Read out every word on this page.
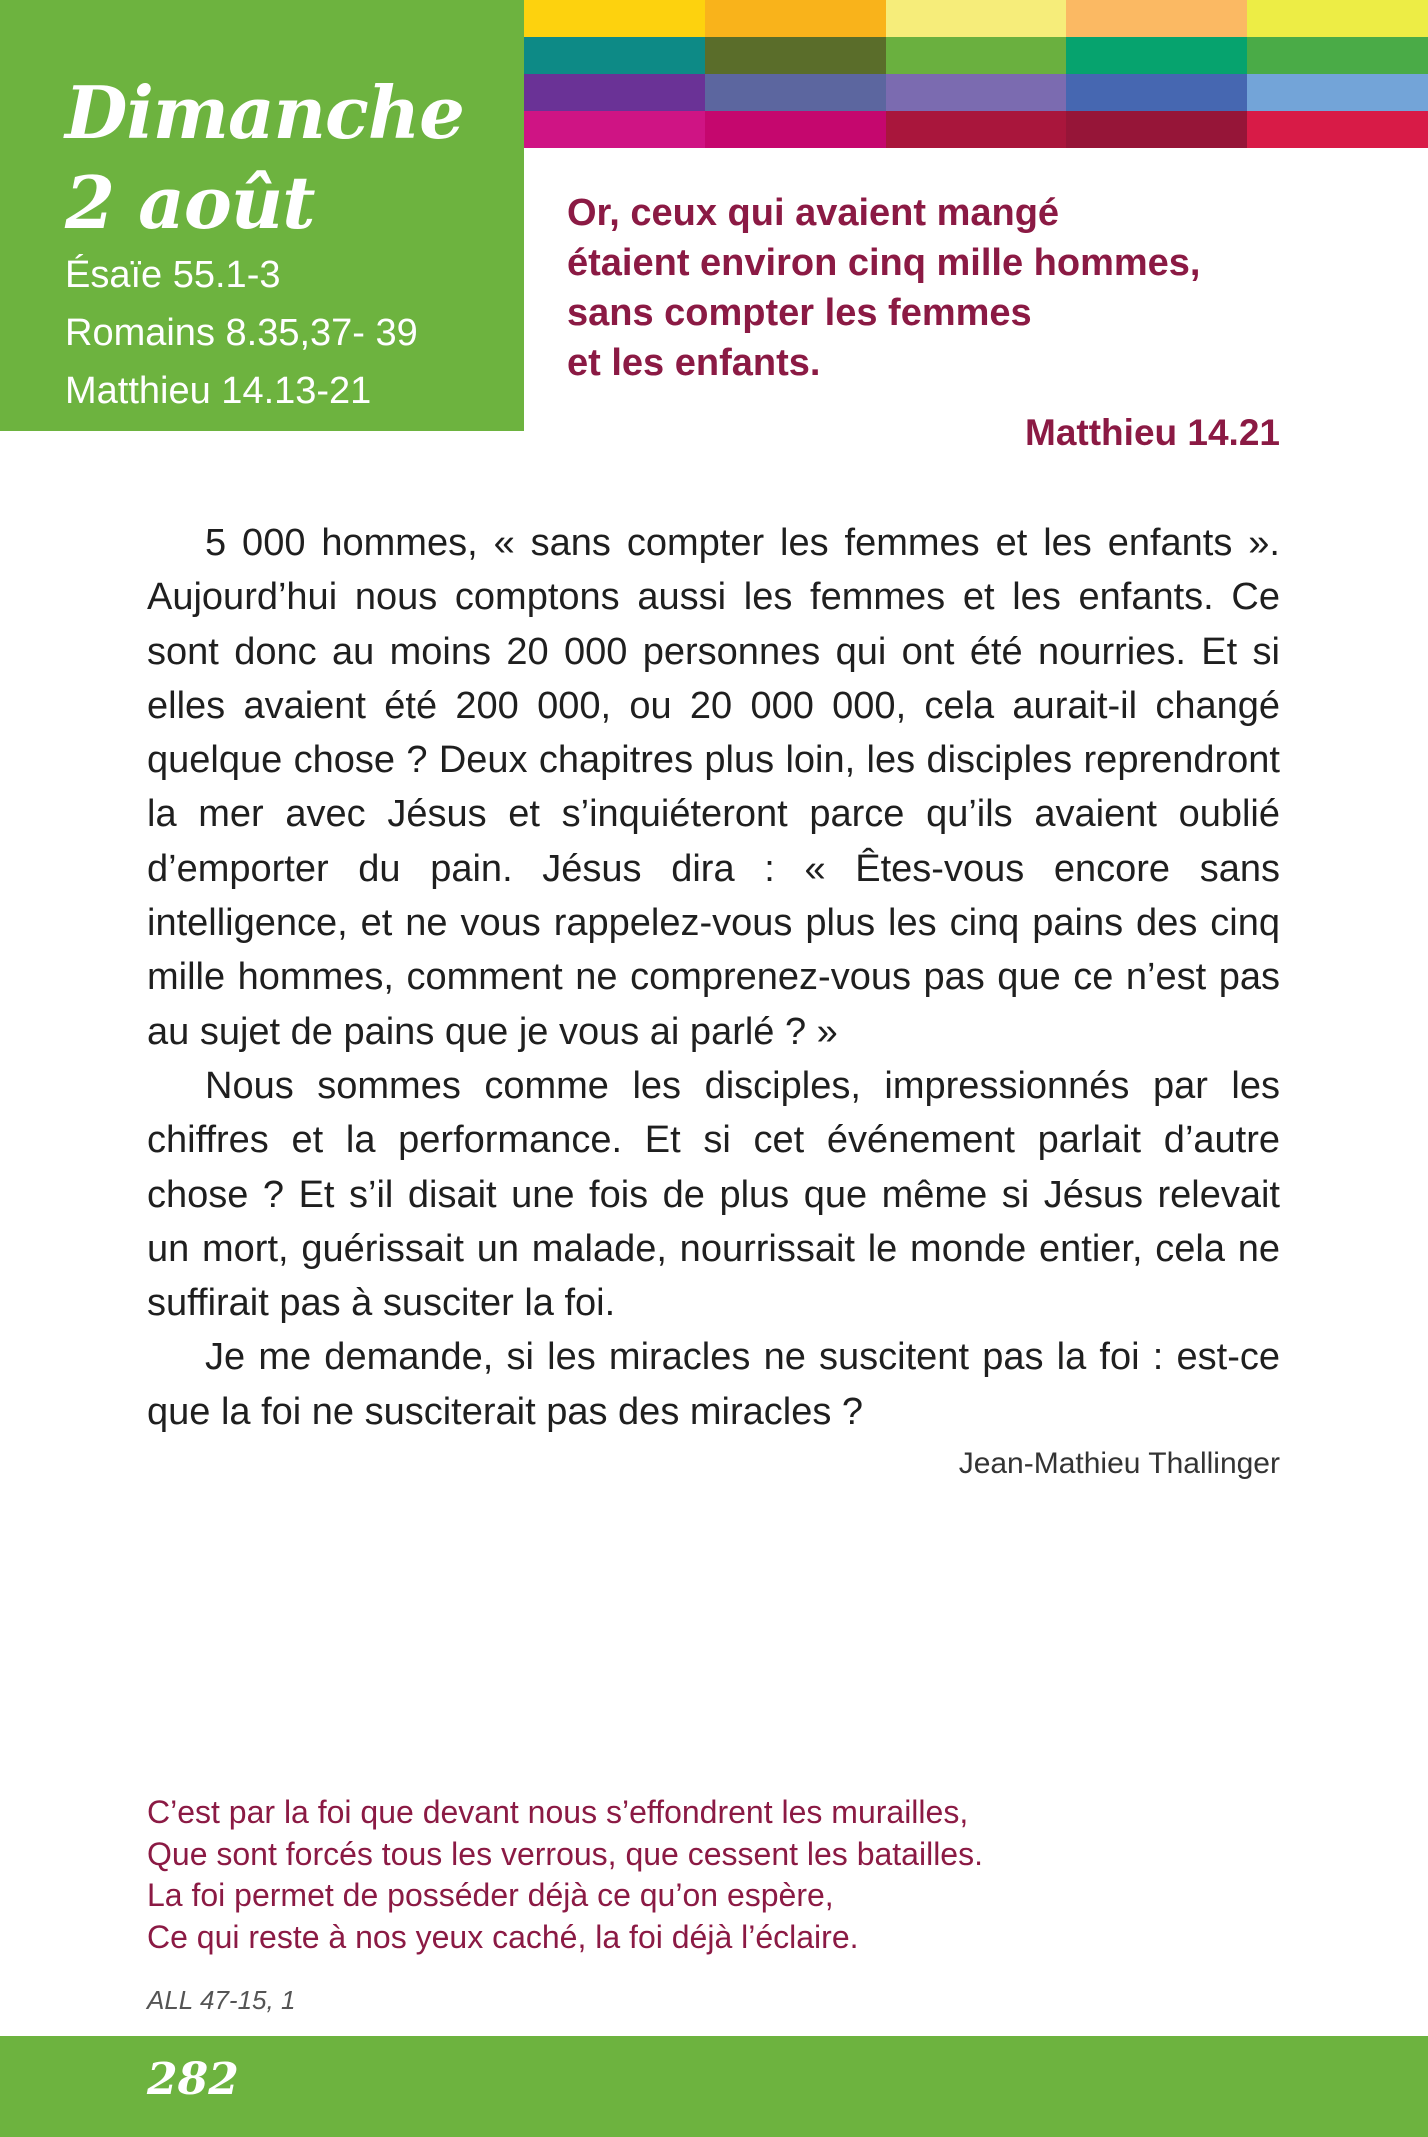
Dimanche
2 août
Ésaïe 55.1-3
Romains 8.35,37- 39
Matthieu 14.13-21
Or, ceux qui avaient mangé
étaient environ cinq mille hommes,
sans compter les femmes
et les enfants.
Matthieu 14.21

5 000 hommes, « sans compter les femmes et les enfants ». Aujourd’hui nous comptons aussi les femmes et les enfants. Ce sont donc au moins 20 000 personnes qui ont été nourries. Et si elles avaient été 200 000, ou 20 000 000, cela aurait-il changé quelque chose ? Deux chapitres plus loin, les disciples reprendront la mer avec Jésus et s’inquiéteront parce qu’ils avaient oublié d’emporter du pain. Jésus dira : « Êtes-vous encore sans intelligence, et ne vous rappelez-vous plus les cinq pains des cinq mille hommes, comment ne comprenez-vous pas que ce n’est pas au sujet de pains que je vous ai parlé ? »

Nous sommes comme les disciples, impressionnés par les chiffres et la performance. Et si cet événement parlait d’autre chose ? Et s’il disait une fois de plus que même si Jésus relevait un mort, guérissait un malade, nourrissait le monde entier, cela ne suffirait pas à susciter la foi.

Je me demande, si les miracles ne suscitent pas la foi : est-ce que la foi ne susciterait pas des miracles ?

Jean-Mathieu Thallinger
C’est par la foi que devant nous s’effondrent les murailles,
Que sont forcés tous les verrous, que cessent les batailles.
La foi permet de posséder déjà ce qu’on espère,
Ce qui reste à nos yeux caché, la foi déjà l’éclaire.
ALL 47-15, 1
282
